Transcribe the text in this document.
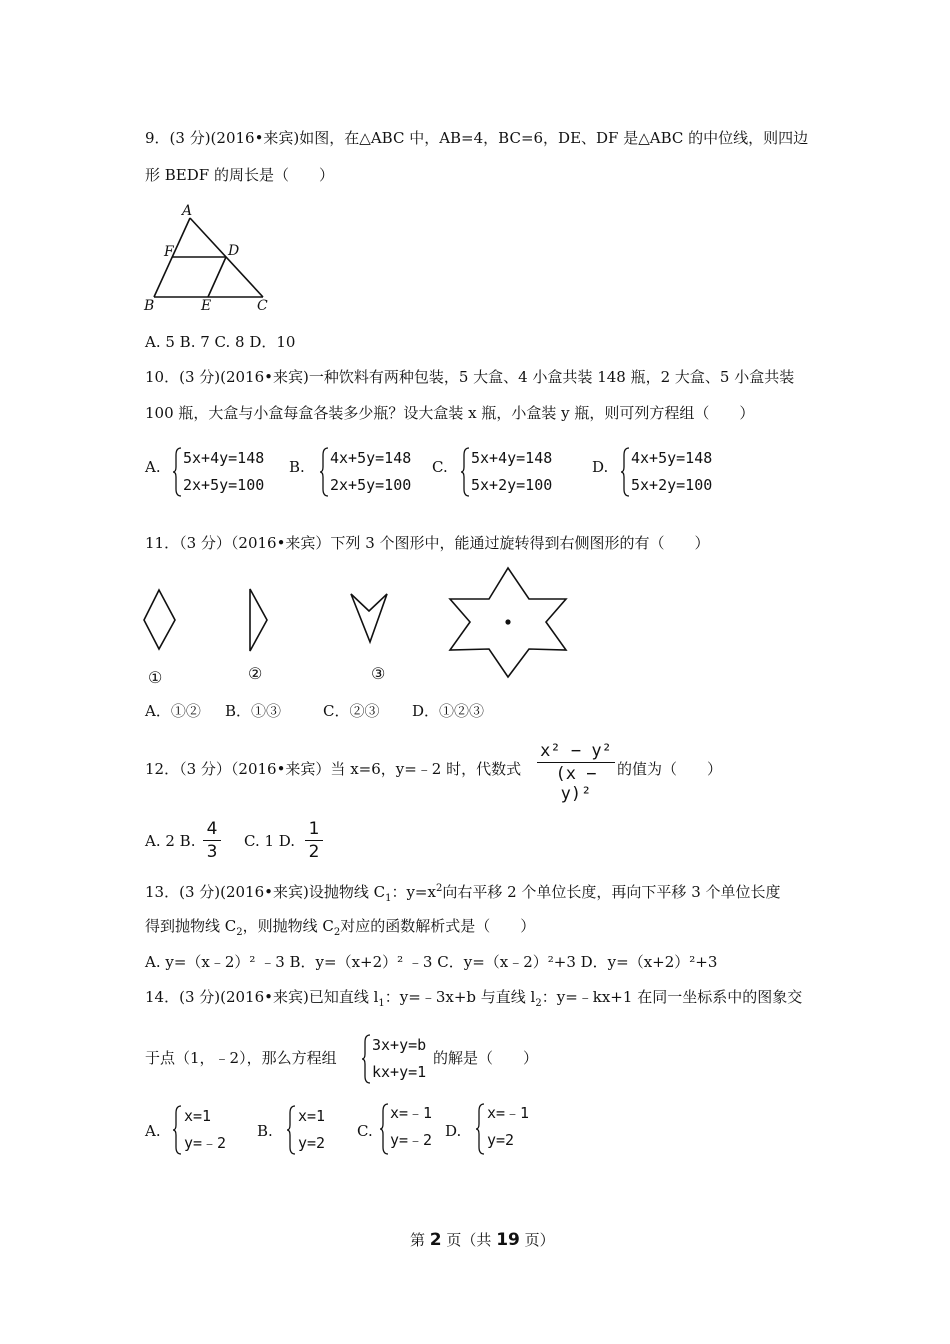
9．(3 分)(2016•来宾)如图，在△ABC 中，AB=4，BC=6，DE、DF 是△ABC 的中位线，则四边
形 BEDF 的周长是（　　）
A
F	D
B	E	C
A. 5 B. 7 C. 8 D．10
10．(3 分)(2016•来宾)一种饮料有两种包装，5 大盒、4 小盒共装 148 瓶，2 大盒、5 小盒共装
100 瓶，大盒与小盒每盒各装多少瓶？设大盒装 x 瓶，小盒装 y 瓶，则可列方程组（　　）
A. 5x+4y=148
2x+5y=100
B. 4x+5y=148
2x+5y=100
C. 5x+4y=148
5x+2y=100
D. 4x+5y=148
5x+2y=100
11．（3 分）（2016•来宾）下列 3 个图形中，能通过旋转得到右侧图形的有（　　）
①	②	③
A．①② B．①③	C．②③ D．①②③
12．（3 分）（2016•来宾）当 x=6，y=﹣2 时，代数式
x² − y²
(x − y)²
的值为（　　）
A. 2 B.
4
3
C. 1 D.
1
2
13．(3 分)(2016•来宾)设抛物线 $C_1$：$y=x^2$向右平移 2 个单位长度，再向下平移 3 个单位长度
得到抛物线 $C_2$，则抛物线 $C_2$对应的函数解析式是（　　）
A. y=（x﹣2）² ﹣3 B．y=（x+2）² ﹣3 C．y=（x﹣2）²+3 D．y=（x+2）²+3
14．(3 分)(2016•来宾)已知直线 $l_1$：y=﹣3x+b 与直线 $l_2$：y=﹣kx+1 在同一坐标系中的图象交
于点（1，﹣2），那么方程组
3x+y=b
kx+y=1
的解是（　　）
A.
x=1
y=﹣2
B.
x=1
y=2
C.
x=﹣1
y=﹣2 D.
x=﹣1
y=2
第 2 页（共 19 页）
